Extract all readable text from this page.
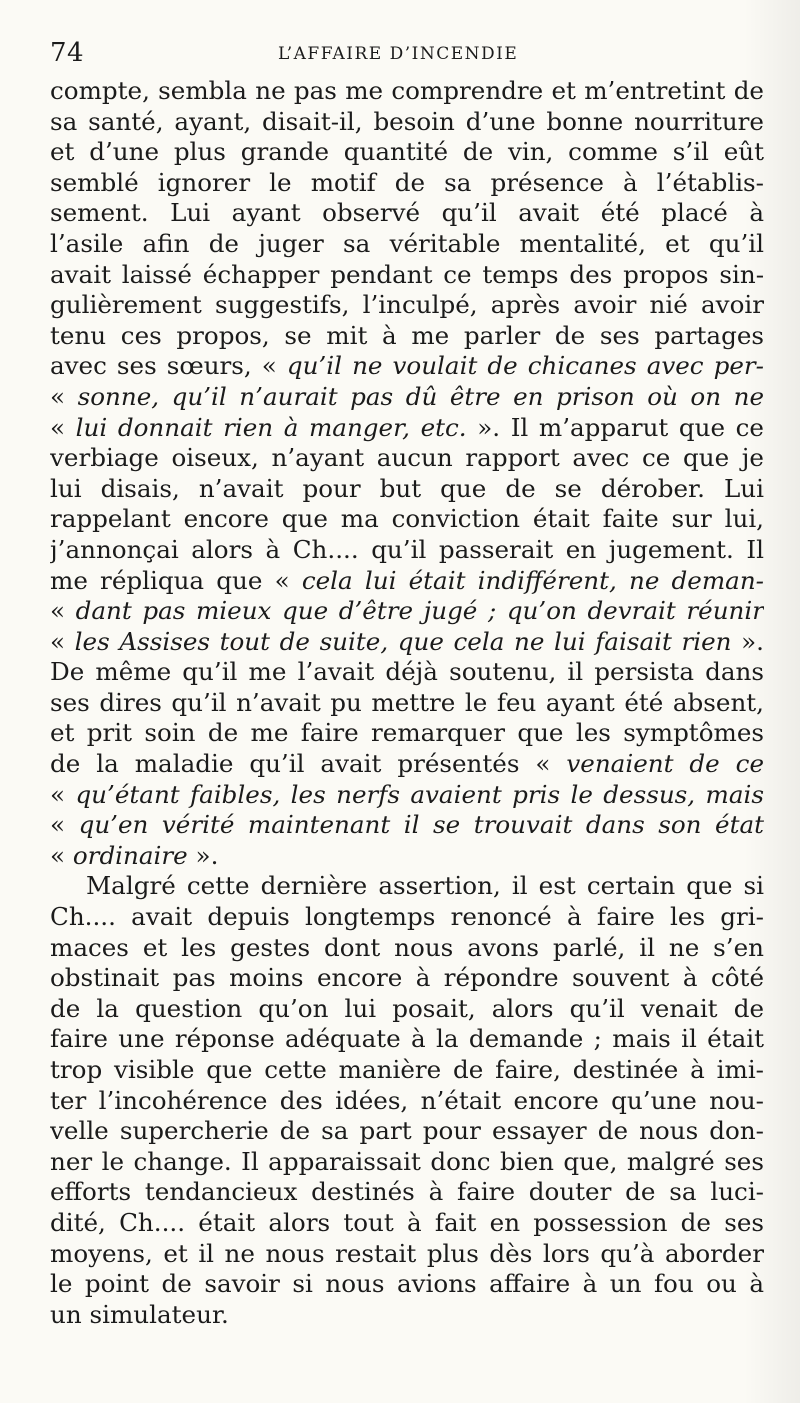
74	L’AFFAIRE D’INCENDIE
compte, sembla ne pas me comprendre et m’entretint de
sa santé, ayant, disait-il, besoin d’une bonne nourriture
et d’une plus grande quantité de vin, comme s’il eût
semblé ignorer le motif de sa présence à l’établis-
sement. Lui ayant observé qu’il avait été placé à
l’asile afin de juger sa véritable mentalité, et qu’il
avait laissé échapper pendant ce temps des propos sin-
gulièrement suggestifs, l’inculpé, après avoir nié avoir
tenu ces propos, se mit à me parler de ses partages
avec ses sœurs, « qu’il ne voulait de chicanes avec per-
« sonne, qu’il n’aurait pas dû être en prison où on ne
« lui donnait rien à manger, etc. ». Il m’apparut que ce
verbiage oiseux, n’ayant aucun rapport avec ce que je
lui disais, n’avait pour but que de se dérober. Lui
rappelant encore que ma conviction était faite sur lui,
j’annonçai alors à Ch.... qu’il passerait en jugement. Il
me répliqua que « cela lui était indifférent, ne deman-
« dant pas mieux que d’être jugé ; qu’on devrait réunir
« les Assises tout de suite, que cela ne lui faisait rien ».
De même qu’il me l’avait déjà soutenu, il persista dans
ses dires qu’il n’avait pu mettre le feu ayant été absent,
et prit soin de me faire remarquer que les symptômes
de la maladie qu’il avait présentés « venaient de ce
« qu’étant faibles, les nerfs avaient pris le dessus, mais
« qu’en vérité maintenant il se trouvait dans son état
« ordinaire ».
Malgré cette dernière assertion, il est certain que si
Ch.... avait depuis longtemps renoncé à faire les gri-
maces et les gestes dont nous avons parlé, il ne s’en
obstinait pas moins encore à répondre souvent à côté
de la question qu’on lui posait, alors qu’il venait de
faire une réponse adéquate à la demande ; mais il était
trop visible que cette manière de faire, destinée à imi-
ter l’incohérence des idées, n’était encore qu’une nou-
velle supercherie de sa part pour essayer de nous don-
ner le change. Il apparaissait donc bien que, malgré ses
efforts tendancieux destinés à faire douter de sa luci-
dité, Ch.... était alors tout à fait en possession de ses
moyens, et il ne nous restait plus dès lors qu’à aborder
le point de savoir si nous avions affaire à un fou ou à
un simulateur.
